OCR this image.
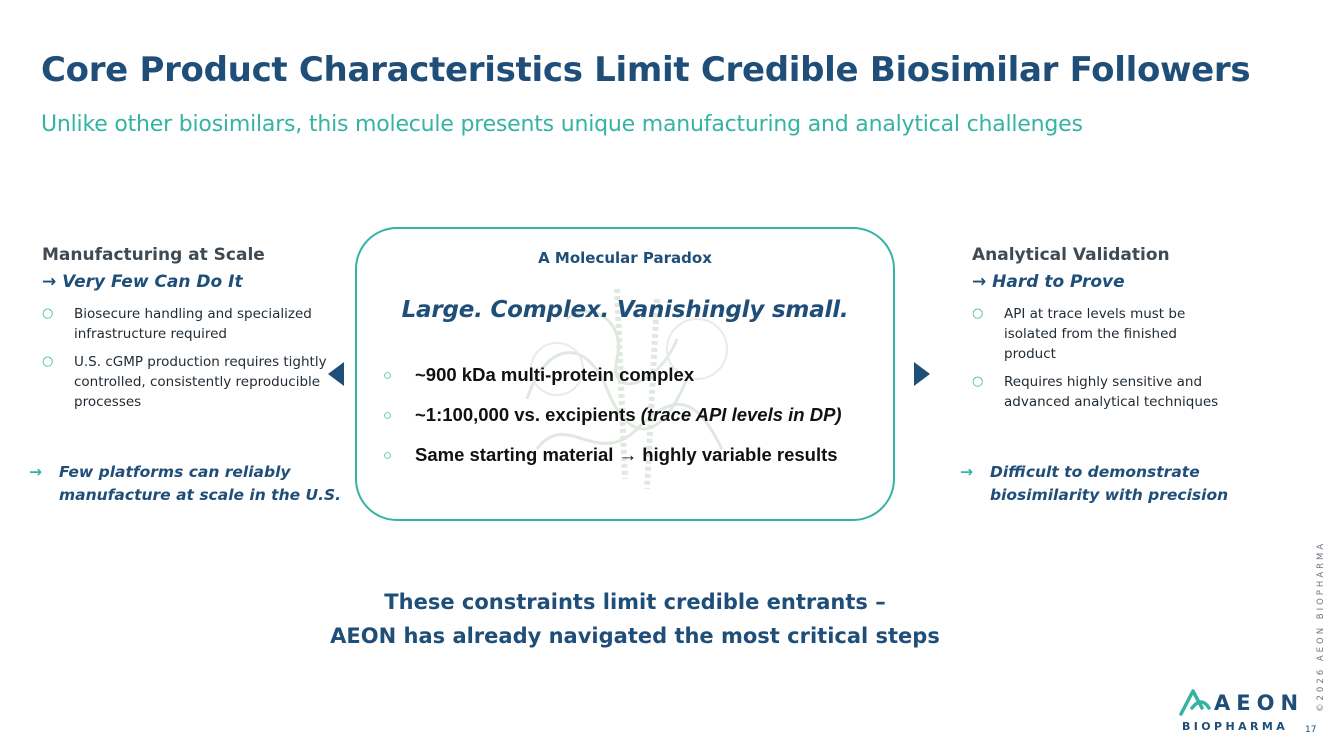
Core Product Characteristics Limit Credible Biosimilar Followers
Unlike other biosimilars, this molecule presents unique manufacturing and analytical challenges
Manufacturing at Scale
→ Very Few Can Do It
○ Biosecure handling and specialized infrastructure required
○ U.S. cGMP production requires tightly controlled, consistently reproducible processes
→ Few platforms can reliably manufacture at scale in the U.S.
A Molecular Paradox
Large. Complex. Vanishingly small.
○ ~900 kDa multi-protein complex
○ ~1:100,000 vs. excipients (trace API levels in DP)
○ Same starting material → highly variable results
Analytical Validation
→ Hard to Prove
○ API at trace levels must be isolated from the finished product
○ Requires highly sensitive and advanced analytical techniques
→ Difficult to demonstrate biosimilarity with precision
These constraints limit credible entrants –
AEON has already navigated the most critical steps	©2026 AEON BIOPHARMA
AEON
BIOPHARMA 17
